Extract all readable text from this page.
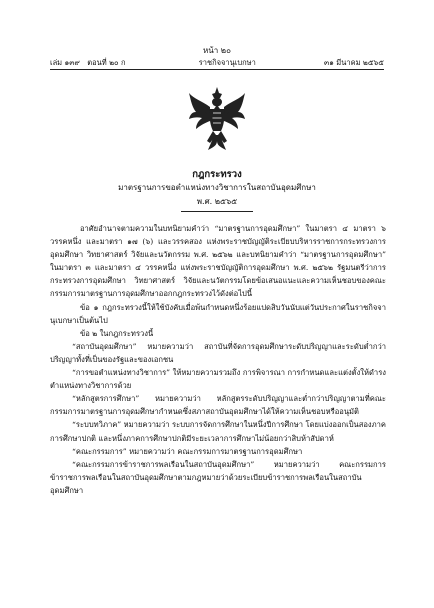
หน้า ๒๐
เล่ม ๑๓๙ ตอนที่ ๒๐ ก	ราชกิจจานุเบกษา	๓๑ มีนาคม ๒๕๖๕
กฎกระทรวง
มาตรฐานการขอตำแหน่งทางวิชาการในสถาบันอุดมศึกษา
พ.ศ. ๒๕๖๕

อาศัยอำนาจตามความในบทนิยามคำว่า “มาตรฐานการอุดมศึกษา” ในมาตรา ๔ มาตรา ๖ วรรคหนึ่ง และมาตรา ๑๗ (๖) และวรรคสอง แห่งพระราชบัญญัติระเบียบบริหารราชการกระทรวงการอุดมศึกษา วิทยาศาสตร์ วิจัยและนวัตกรรม พ.ศ. ๒๕๖๒ และบทนิยามคำว่า “มาตรฐานการอุดมศึกษา” ในมาตรา ๓ และมาตรา ๔ วรรคหนึ่ง แห่งพระราชบัญญัติการอุดมศึกษา พ.ศ. ๒๕๖๒ รัฐมนตรีว่าการกระทรวงการอุดมศึกษา วิทยาศาสตร์ วิจัยและนวัตกรรมโดยข้อเสนอแนะและความเห็นชอบของคณะกรรมการมาตรฐานการอุดมศึกษาออกกฎกระทรวงไว้ดังต่อไปนี้

ข้อ ๑ กฎกระทรวงนี้ให้ใช้บังคับเมื่อพ้นกำหนดหนึ่งร้อยแปดสิบวันนับแต่วันประกาศในราชกิจจานุเบกษาเป็นต้นไป

ข้อ ๒ ในกฎกระทรวงนี้

“สถาบันอุดมศึกษา” หมายความว่า สถาบันที่จัดการอุดมศึกษาระดับปริญญาและระดับต่ำกว่าปริญญาทั้งที่เป็นของรัฐและของเอกชน

“การขอตำแหน่งทางวิชาการ” ให้หมายความรวมถึง การพิจารณา การกำหนดและแต่งตั้งให้ดำรงตำแหน่งทางวิชาการด้วย

“หลักสูตรการศึกษา” หมายความว่า หลักสูตรระดับปริญญาและต่ำกว่าปริญญาตามที่คณะกรรมการมาตรฐานการอุดมศึกษากำหนดซึ่งสภาสถาบันอุดมศึกษาได้ให้ความเห็นชอบหรืออนุมัติ

“ระบบทวิภาค” หมายความว่า ระบบการจัดการศึกษาในหนึ่งปีการศึกษา โดยแบ่งออกเป็นสองภาคการศึกษาปกติ และหนึ่งภาคการศึกษาปกติมีระยะเวลาการศึกษาไม่น้อยกว่าสิบห้าสัปดาห์

“คณะกรรมการ” หมายความว่า คณะกรรมการมาตรฐานการอุดมศึกษา

“คณะกรรมการข้าราชการพลเรือนในสถาบันอุดมศึกษา” หมายความว่า คณะกรรมการข้าราชการพลเรือนในสถาบันอุดมศึกษาตามกฎหมายว่าด้วยระเบียบข้าราชการพลเรือนในสถาบันอุดมศึกษา
